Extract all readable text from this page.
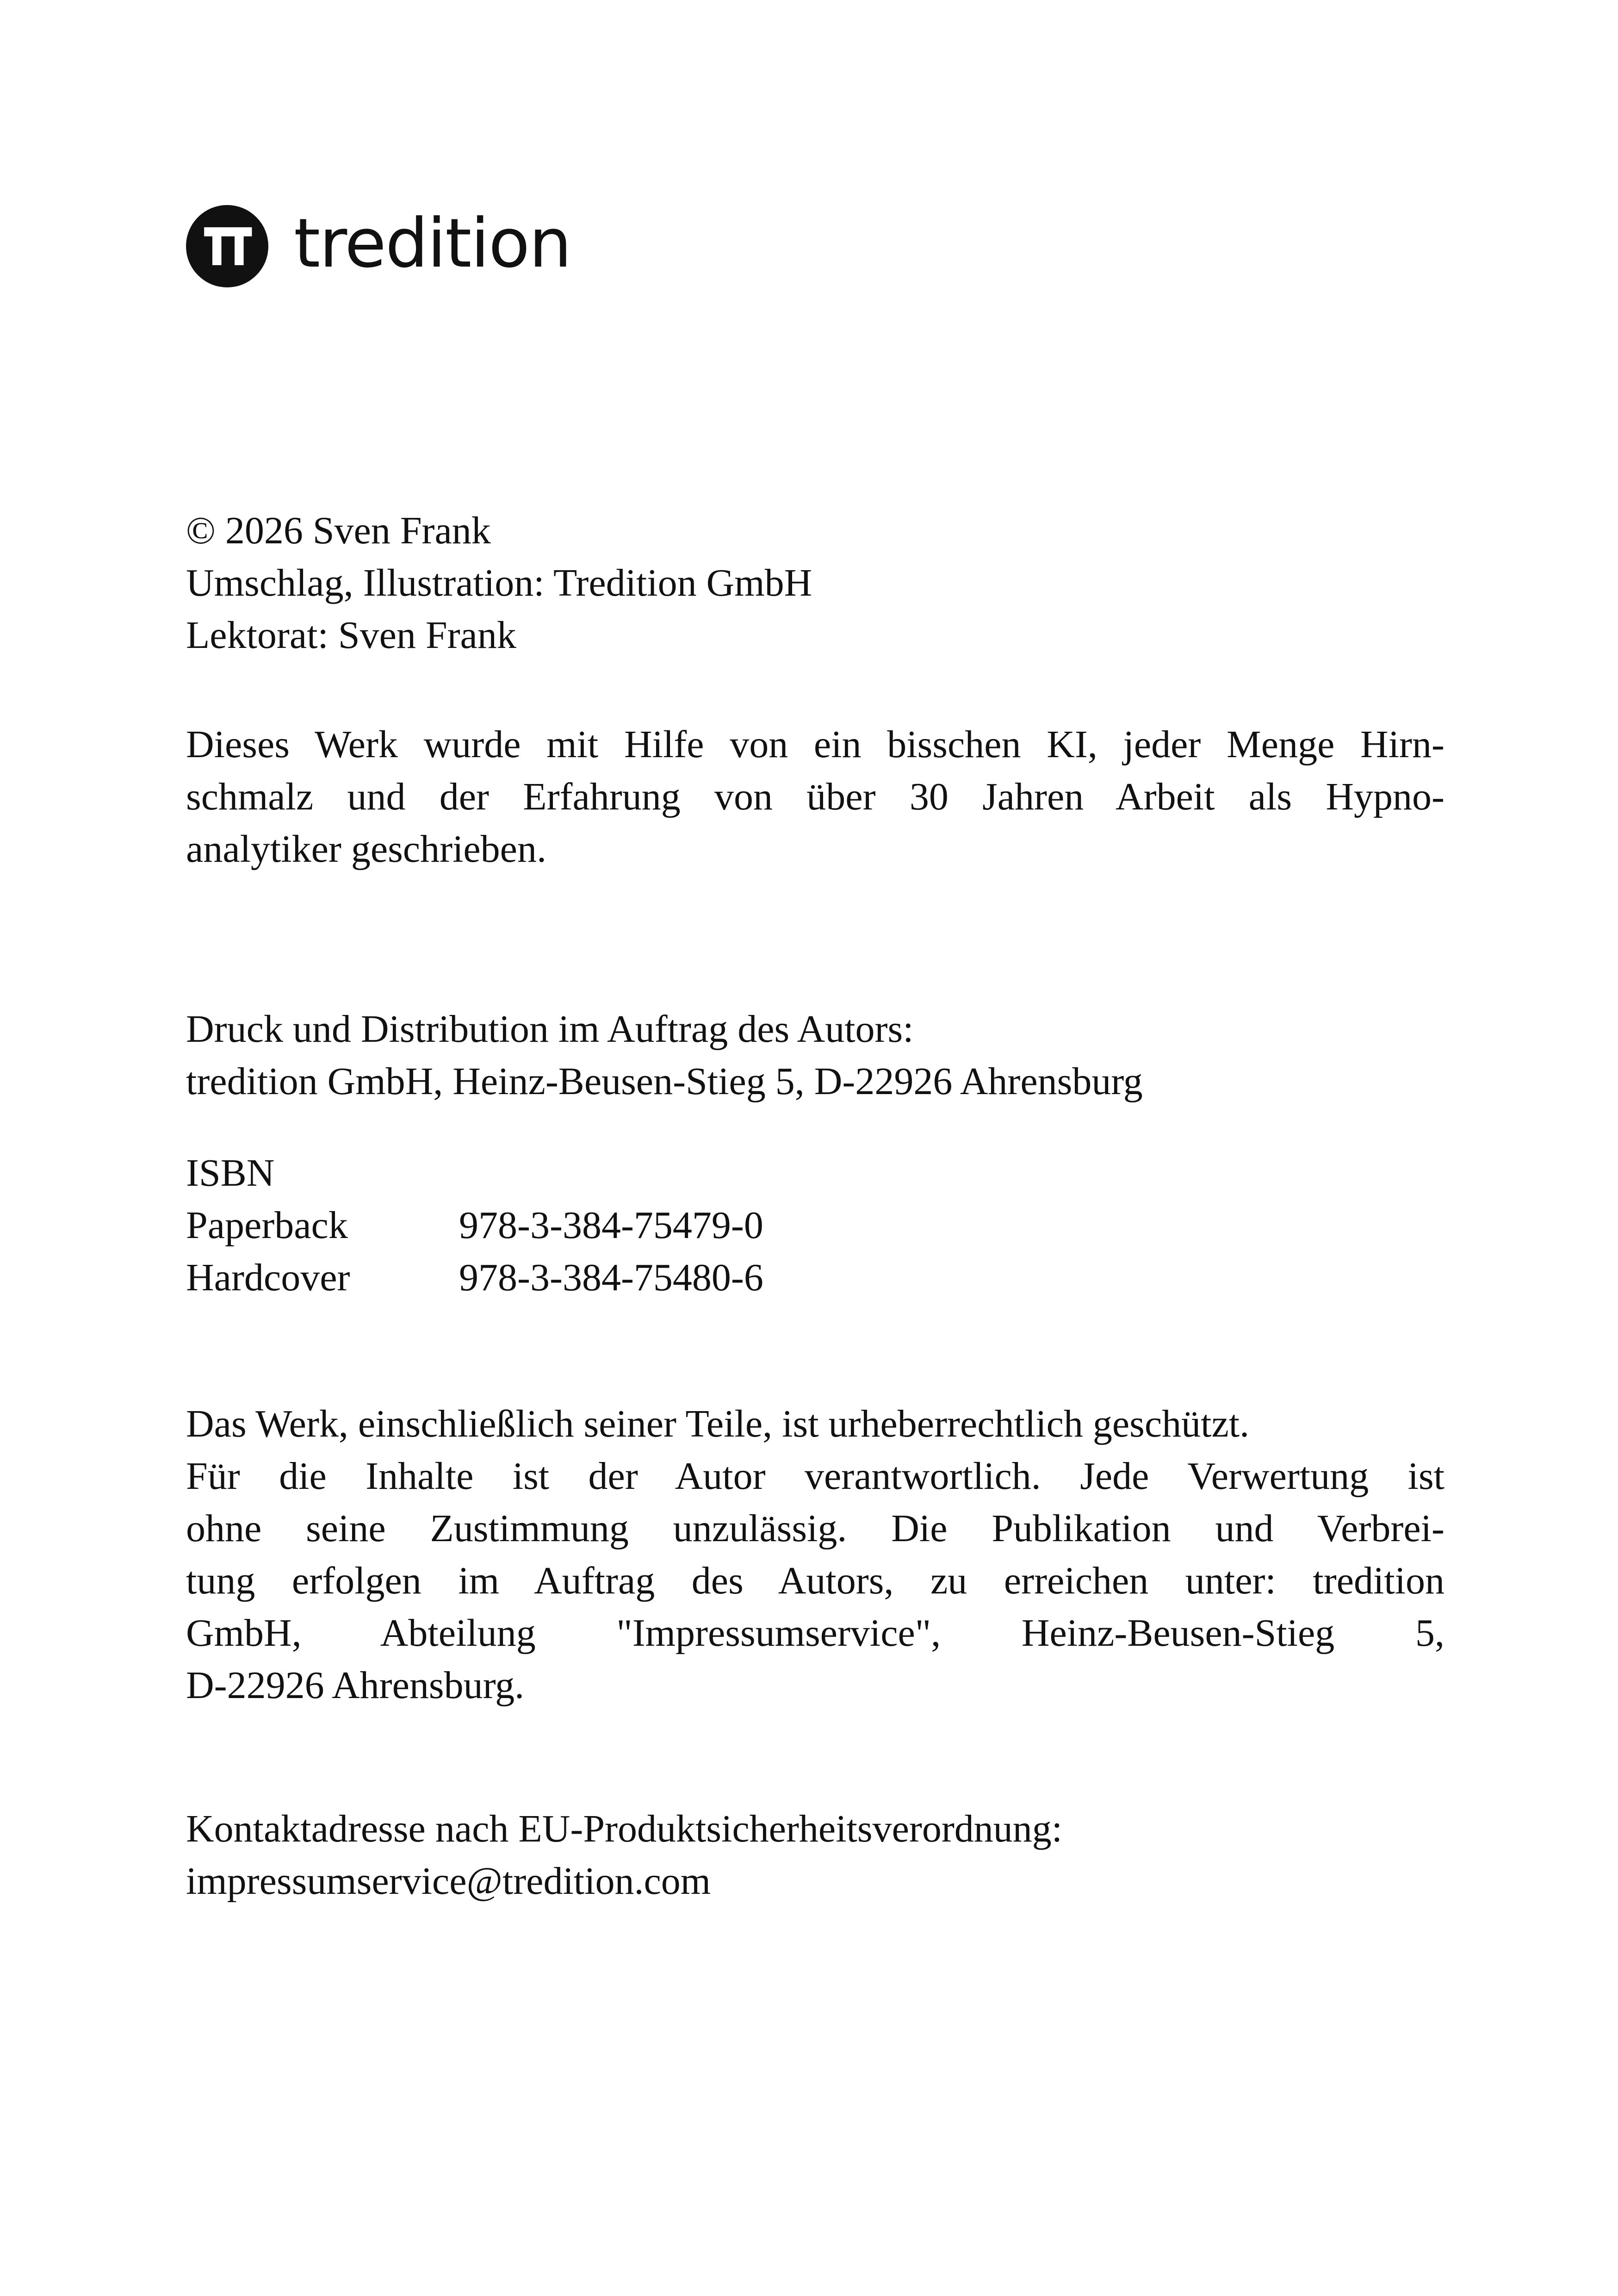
tredition
© 2026 Sven Frank
Umschlag, Illustration: Tredition GmbH
Lektorat: Sven Frank
Dieses Werk wurde mit Hilfe von ein bisschen KI, jeder Menge Hirn-
schmalz und der Erfahrung von über 30 Jahren Arbeit als Hypno-
analytiker geschrieben.
Druck und Distribution im Auftrag des Autors:
tredition GmbH, Heinz-Beusen-Stieg 5, D-22926 Ahrensburg
ISBN
Paperback	978-3-384-75479-0
Hardcover	978-3-384-75480-6
Das Werk, einschließlich seiner Teile, ist urheberrechtlich geschützt.
Für die Inhalte ist der Autor verantwortlich. Jede Verwertung ist
ohne seine Zustimmung unzulässig. Die Publikation und Verbrei-
tung erfolgen im Auftrag des Autors, zu erreichen unter: tredition
GmbH, Abteilung "Impressumservice", Heinz-Beusen-Stieg 5,
D-22926 Ahrensburg.
Kontaktadresse nach EU-Produktsicherheitsverordnung:
impressumservice@tredition.com
